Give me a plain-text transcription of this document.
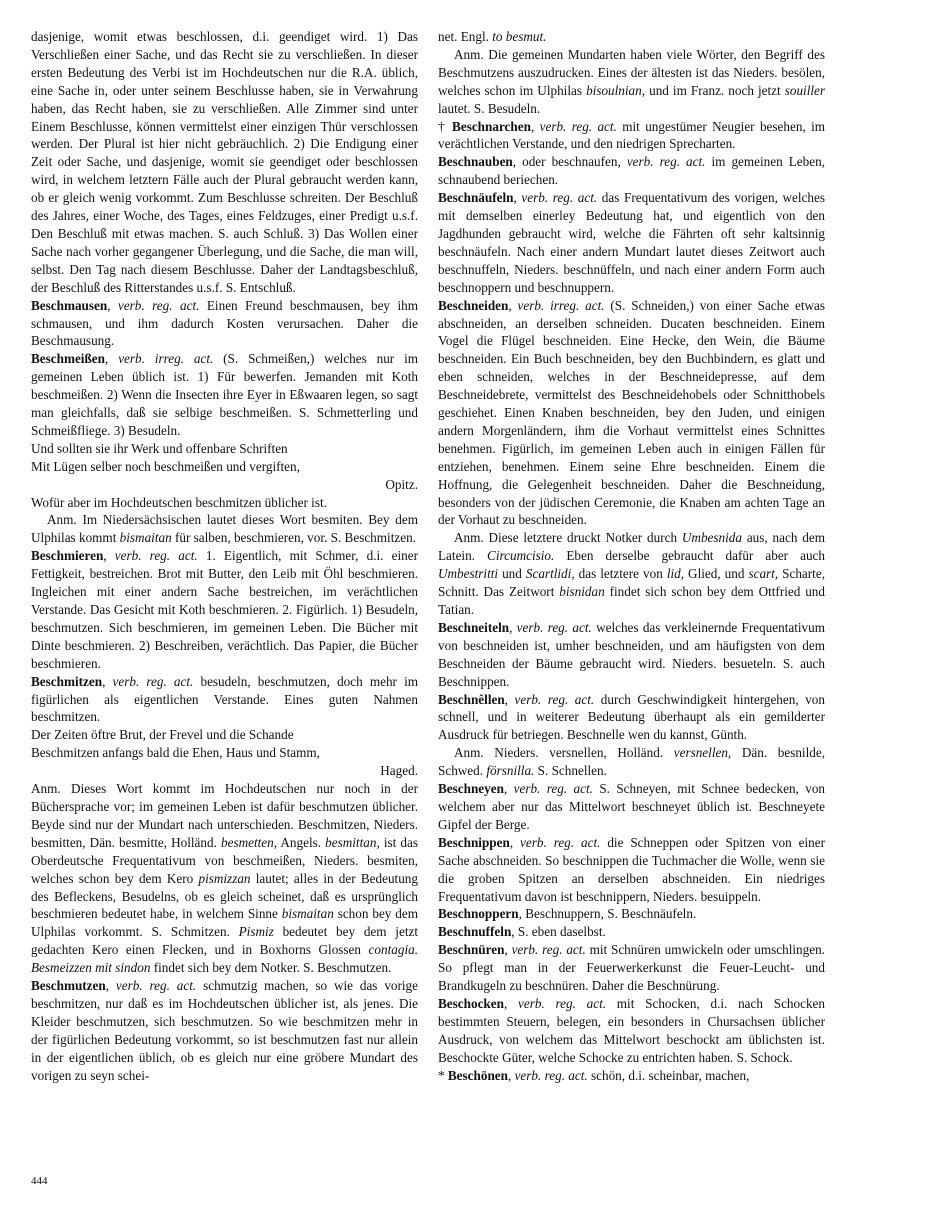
dasjenige, womit etwas beschlossen, d.i. geendiget wird. 1) Das Verschließen einer Sache, und das Recht sie zu verschließen. In dieser ersten Bedeutung des Verbi ist im Hochdeutschen nur die R.A. üblich, eine Sache in, oder unter seinem Beschlusse haben, sie in Verwahrung haben, das Recht haben, sie zu verschließen. Alle Zimmer sind unter Einem Beschlusse, können vermittelst einer einzigen Thür verschlossen werden. Der Plural ist hier nicht gebräuchlich. 2) Die Endigung einer Zeit oder Sache, und dasjenige, womit sie geendiget oder beschlossen wird, in welchem letztern Fälle auch der Plural gebraucht werden kann, ob er gleich wenig vorkommt. Zum Beschlusse schreiten. Der Beschluß des Jahres, einer Woche, des Tages, eines Feldzuges, einer Predigt u.s.f. Den Beschluß mit etwas machen. S. auch Schluß. 3) Das Wollen einer Sache nach vorher gegangener Überlegung, und die Sache, die man will, selbst. Den Tag nach diesem Beschlusse. Daher der Landtagsbeschluß, der Beschluß des Ritterstandes u.s.f. S. Entschluß.

Beschmausen, verb. reg. act. Einen Freund beschmausen, bey ihm schmausen, und ihm dadurch Kosten verursachen. Daher die Beschmausung.

Beschmeißen, verb. irreg. act. (S. Schmeißen,) welches nur im gemeinen Leben üblich ist. 1) Für bewerfen. Jemanden mit Koth beschmeißen. 2) Wenn die Insecten ihre Eyer in Eßwaaren legen, so sagt man gleichfalls, daß sie selbige beschmeißen. S. Schmetterling und Schmeißfliege. 3) Besudeln.

Und sollten sie ihr Werk und offenbare Schriften

Mit Lügen selber noch beschmeißen und vergiften,

Opitz.

Wofür aber im Hochdeutschen beschmitzen üblicher ist.

Anm. Im Niedersächsischen lautet dieses Wort besmiten. Bey dem Ulphilas kommt bismaitan für salben, beschmieren, vor. S. Beschmitzen.

Beschmieren, verb. reg. act. 1. Eigentlich, mit Schmer, d.i. einer Fettigkeit, bestreichen. Brot mit Butter, den Leib mit Öhl beschmieren. Ingleichen mit einer andern Sache bestreichen, im verächtlichen Verstande. Das Gesicht mit Koth beschmieren. 2. Figürlich. 1) Besudeln, beschmutzen. Sich beschmieren, im gemeinen Leben. Die Bücher mit Dinte beschmieren. 2) Beschreiben, verächtlich. Das Papier, die Bücher beschmieren.

Beschmitzen, verb. reg. act. besudeln, beschmutzen, doch mehr im figürlichen als eigentlichen Verstande. Eines guten Nahmen beschmitzen.

Der Zeiten öftre Brut, der Frevel und die Schande

Beschmitzen anfangs bald die Ehen, Haus und Stamm,

Haged.

Anm. Dieses Wort kommt im Hochdeutschen nur noch in der Büchersprache vor; im gemeinen Leben ist dafür beschmutzen üblicher. Beyde sind nur der Mundart nach unterschieden. Beschmitzen, Nieders. besmitten, Dän. besmitte, Holländ. besmetten, Angels. besmittan, ist das Oberdeutsche Frequentativum von beschmeißen, Nieders. besmiten, welches schon bey dem Kero pismizzan lautet; alles in der Bedeutung des Befleckens, Besudelns, ob es gleich scheinet, daß es ursprünglich beschmieren bedeutet habe, in welchem Sinne bismaitan schon bey dem Ulphilas vorkommt. S. Schmitzen. Pismiz bedeutet bey dem jetzt gedachten Kero einen Flecken, und in Boxhorns Glossen contagia. Besmeizzen mit sindon findet sich bey dem Notker. S. Beschmutzen.

Beschmutzen, verb. reg. act. schmutzig machen, so wie das vorige beschmitzen, nur daß es im Hochdeutschen üblicher ist, als jenes. Die Kleider beschmutzen, sich beschmutzen. So wie beschmitzen mehr in der figürlichen Bedeutung vorkommt, so ist beschmutzen fast nur allein in der eigentlichen üblich, ob es gleich nur eine gröbere Mundart des vorigen zu seyn schei-

net. Engl. to besmut.

Anm. Die gemeinen Mundarten haben viele Wörter, den Begriff des Beschmutzens auszudrucken. Eines der ältesten ist das Nieders. besölen, welches schon im Ulphilas bisoulnian, und im Franz. noch jetzt souiller lautet. S. Besudeln.

† Beschnarchen, verb. reg. act. mit ungestümer Neugier besehen, im verächtlichen Verstande, und den niedrigen Sprecharten.

Beschnauben, oder beschnaufen, verb. reg. act. im gemeinen Leben, schnaubend beriechen.

Beschnäufeln, verb. reg. act. das Frequentativum des vorigen, welches mit demselben einerley Bedeutung hat, und eigentlich von den Jagdhunden gebraucht wird, welche die Fährten oft sehr kaltsinnig beschnäufeln. Nach einer andern Mundart lautet dieses Zeitwort auch beschnuffeln, Nieders. beschnüffeln, und nach einer andern Form auch beschnoppern und beschnuppern.

Beschneiden, verb. irreg. act. (S. Schneiden,) von einer Sache etwas abschneiden, an derselben schneiden. Ducaten beschneiden. Einem Vogel die Flügel beschneiden. Eine Hecke, den Wein, die Bäume beschneiden. Ein Buch beschneiden, bey den Buchbindern, es glatt und eben schneiden, welches in der Beschneidepresse, auf dem Beschneidebrete, vermittelst des Beschneidehobels oder Schnitthobels geschiehet. Einen Knaben beschneiden, bey den Juden, und einigen andern Morgenländern, ihm die Vorhaut vermittelst eines Schnittes benehmen. Figürlich, im gemeinen Leben auch in einigen Fällen für entziehen, benehmen. Einem seine Ehre beschneiden. Einem die Hoffnung, die Gelegenheit beschneiden. Daher die Beschneidung, besonders von der jüdischen Ceremonie, die Knaben am achten Tage an der Vorhaut zu beschneiden.

Anm. Diese letztere druckt Notker durch Umbesnida aus, nach dem Latein. Circumcisio. Eben derselbe gebraucht dafür aber auch Umbestritti und Scartlidi, das letztere von lid, Glied, und scart, Scharte, Schnitt. Das Zeitwort bisnidan findet sich schon bey dem Ottfried und Tatian.

Beschneiteln, verb. reg. act. welches das verkleinernde Frequentativum von beschneiden ist, umher beschneiden, und am häufigsten von dem Beschneiden der Bäume gebraucht wird. Nieders. besueteln. S. auch Beschnippen.

Beschnêllen, verb. reg. act. durch Geschwindigkeit hintergehen, von schnell, und in weiterer Bedeutung überhaupt als ein gemilderter Ausdruck für betriegen. Beschnelle wen du kannst, Günth.

Anm. Nieders. versnellen, Holländ. versnellen, Dän. besnilde, Schwed. försnilla. S. Schnellen.

Beschneyen, verb. reg. act. S. Schneyen, mit Schnee bedecken, von welchem aber nur das Mittelwort beschneyet üblich ist. Beschneyete Gipfel der Berge.

Beschnippen, verb. reg. act. die Schneppen oder Spitzen von einer Sache abschneiden. So beschnippen die Tuchmacher die Wolle, wenn sie die groben Spitzen an derselben abschneiden. Ein niedriges Frequentativum davon ist beschnippern, Nieders. besuippeln.

Beschnoppern, Beschnuppern, S. Beschnäufeln.

Beschnuffeln, S. eben daselbst.

Beschnüren, verb. reg. act. mit Schnüren umwickeln oder umschlingen. So pflegt man in der Feuerwerkerkunst die Feuer-Leucht- und Brandkugeln zu beschnüren. Daher die Beschnürung.

Beschocken, verb. reg. act. mit Schocken, d.i. nach Schocken bestimmten Steuern, belegen, ein besonders in Chursachsen üblicher Ausdruck, von welchem das Mittelwort beschockt am üblichsten ist. Beschockte Güter, welche Schocke zu entrichten haben. S. Schock.

* Beschönen, verb. reg. act. schön, d.i. scheinbar, machen,

444
